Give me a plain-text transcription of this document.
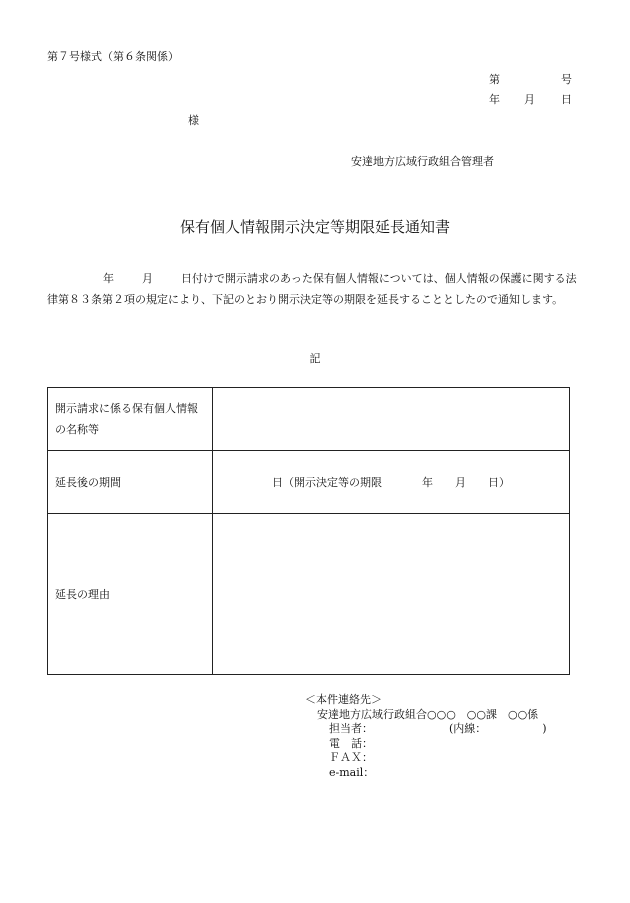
第７号様式（第６条関係）
第	号
年 月 日
様
安達地方広域行政組合管理者
保有個人情報開示決定等期限延長通知書
年	月	日付けで開示請求のあった保有個人情報については、個人情報の保護に関する法律第８３条第２項の規定により、下記のとおり開示決定等の期限を延長することとしたので通知します。
記
開示請求に係る保有個人情報の名称等	
延長後の期間	日（開示決定等の期限 年 月 日）

延長の理由	
＜本件連絡先＞
安達地方広域行政組合○○○　○○課　○○係
担当者：	(内線：	)
電　話：
ＦＡＸ：
e-mail：
